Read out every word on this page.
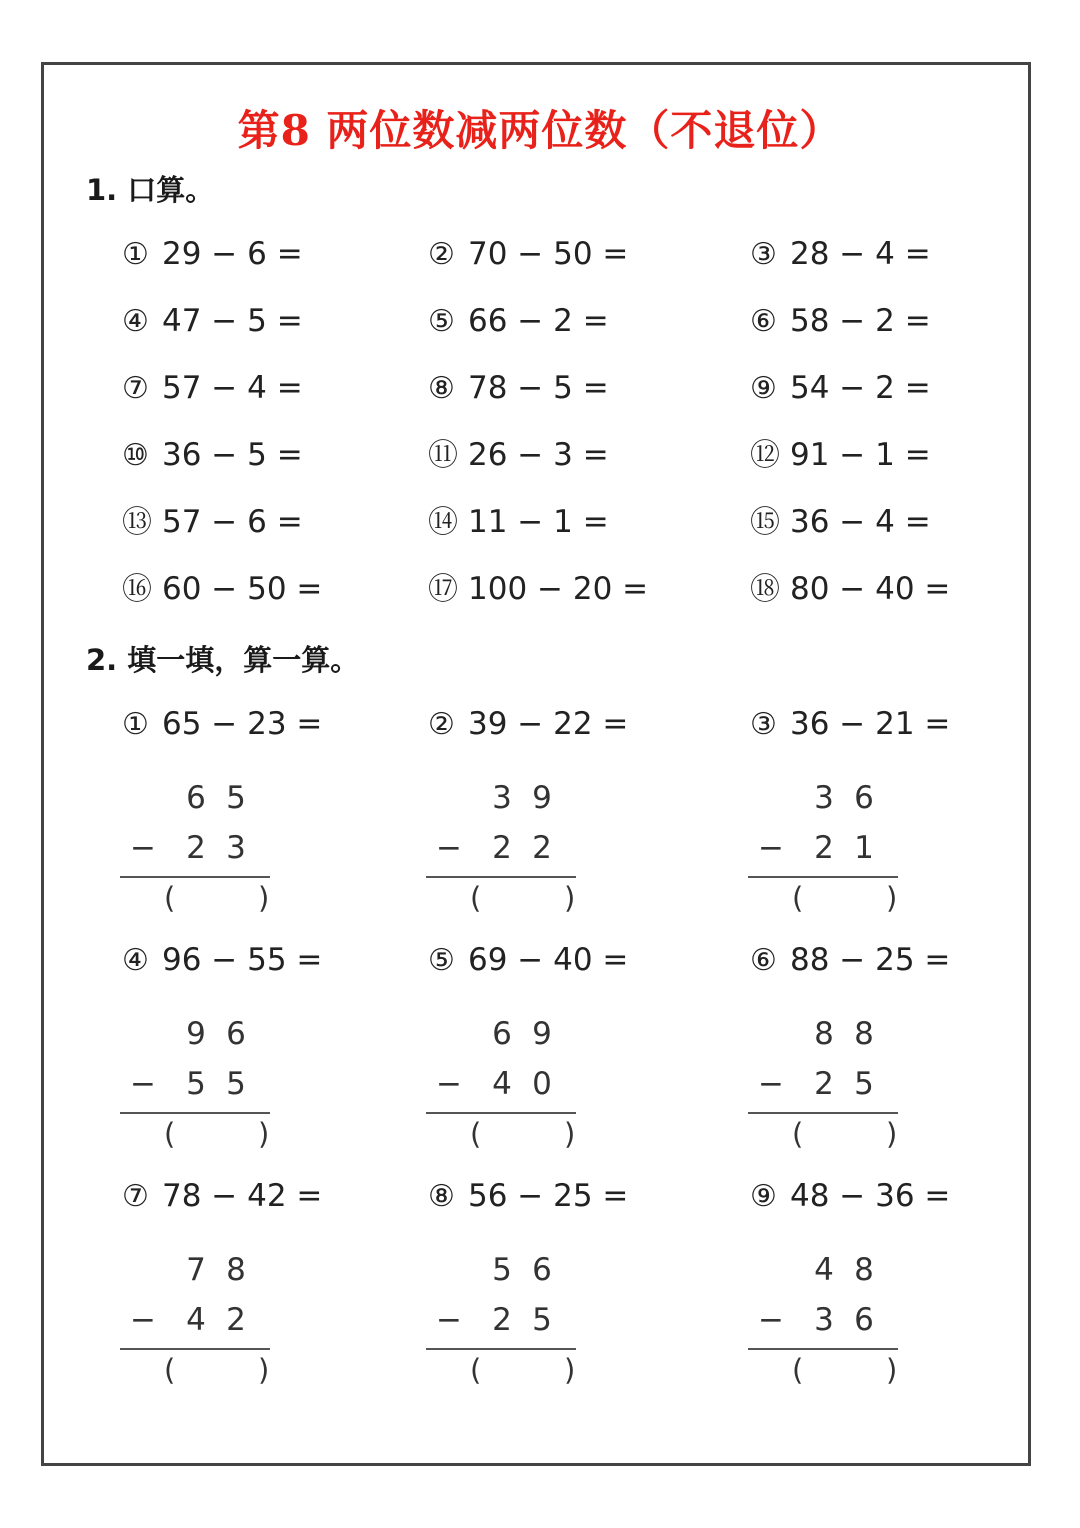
第8 两位数减两位数（不退位）
1. 口算。
① 29 − 6 =	② 70 − 50 =	③ 28 − 4 =
④ 47 − 5 =	⑤ 66 − 2 =	⑥ 58 − 2 =
⑦ 57 − 4 =	⑧ 78 − 5 =	⑨ 54 − 2 =
⑩ 36 − 5 =	⑪ 26 − 3 =	⑫ 91 − 1 =
⑬ 57 − 6 =	⑭ 11 − 1 =	⑮ 36 − 4 =
⑯ 60 − 50 =	⑰ 100 − 20 =	⑱ 80 − 40 =
2. 填一填，算一算。
① 65 − 23 =
6 5
− 2 3
(	)
② 39 − 22 =
3 9
− 2 2
(	)
③ 36 − 21 =
3 6
− 2 1
(	)
④ 96 − 55 =
9 6
− 5 5
(	)
⑤ 69 − 40 =
6 9
− 4 0
(	)
⑥ 88 − 25 =
8 8
− 2 5
(	)
⑦ 78 − 42 =
7 8
− 4 2
(	)
⑧ 56 − 25 =
5 6
− 2 5
(	)
⑨ 48 − 36 =
4 8
− 3 6
(	)
